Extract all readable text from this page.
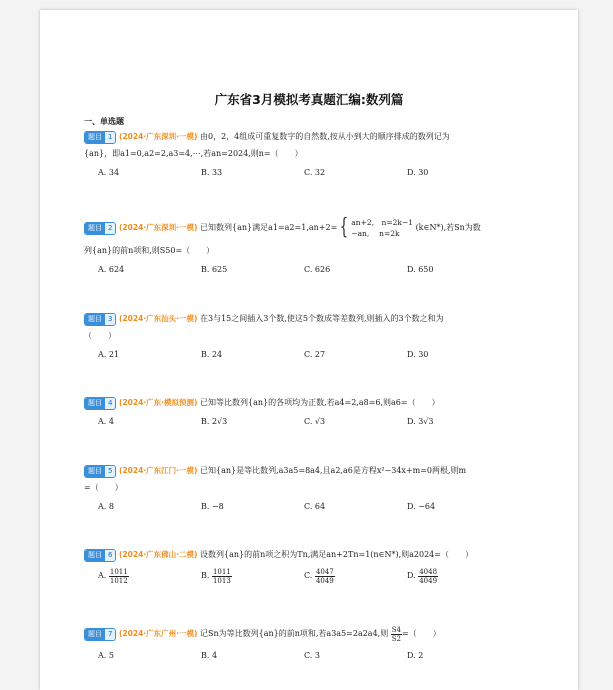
广东省3月模拟考真题汇编:数列篇
一、单选题
题目 1 (2024·广东深圳·一模) 由0，2，4组成可重复数字的自然数,按从小到大的顺序排成的数列记为
{an}，即a1=0,a2=2,a3=4,⋯,若an=2024,则n=（　　）
A. 34	B. 33	C. 32	D. 30
题目 2 (2024·广东深圳·一模) 已知数列{an}满足a1=a2=1,an+2= { an+2,　n=2k−1
−an,　 n=2k
(k∈N*),若Sn为数
列{an}的前n项和,则S50=（　　）
A. 624	B. 625	C. 626	D. 650
题目 3 (2024·广东汕头·一模) 在3与15之间插入3个数,使这5个数成等差数列,则插入的3个数之和为
（　　）
A. 21	B. 24	C. 27	D. 30
题目 4 (2024·广东·模拟预测) 已知等比数列{an}的各项均为正数,若a4=2,a8=6,则a6=（　　）
A. 4	B. 2√3	C. √3	D. 3√3
题目 5 (2024·广东江门·一模) 已知{an}是等比数列,a3a5=8a4,且a2,a6是方程x²−34x+m=0两根,则m
=（　　）
A. 8	B. −8	C. 64	D. −64
题目 6 (2024·广东佛山·二模) 设数列{an}的前n项之积为Tn,满足an+2Tn=1(n∈N*),则a2024=（　　）
A. $\frac{1011}{1012}$	B. $\frac{1011}{1013}$	C. $\frac{4047}{4049}$	D. $\frac{4048}{4049}$
题目 7 (2024·广东广州·一模) 记Sn为等比数列{an}的前n项和,若a3a5=2a2a4,则 $\frac{S4}{S2}$ =（　　）
A. 5	B. 4	C. 3	D. 2
